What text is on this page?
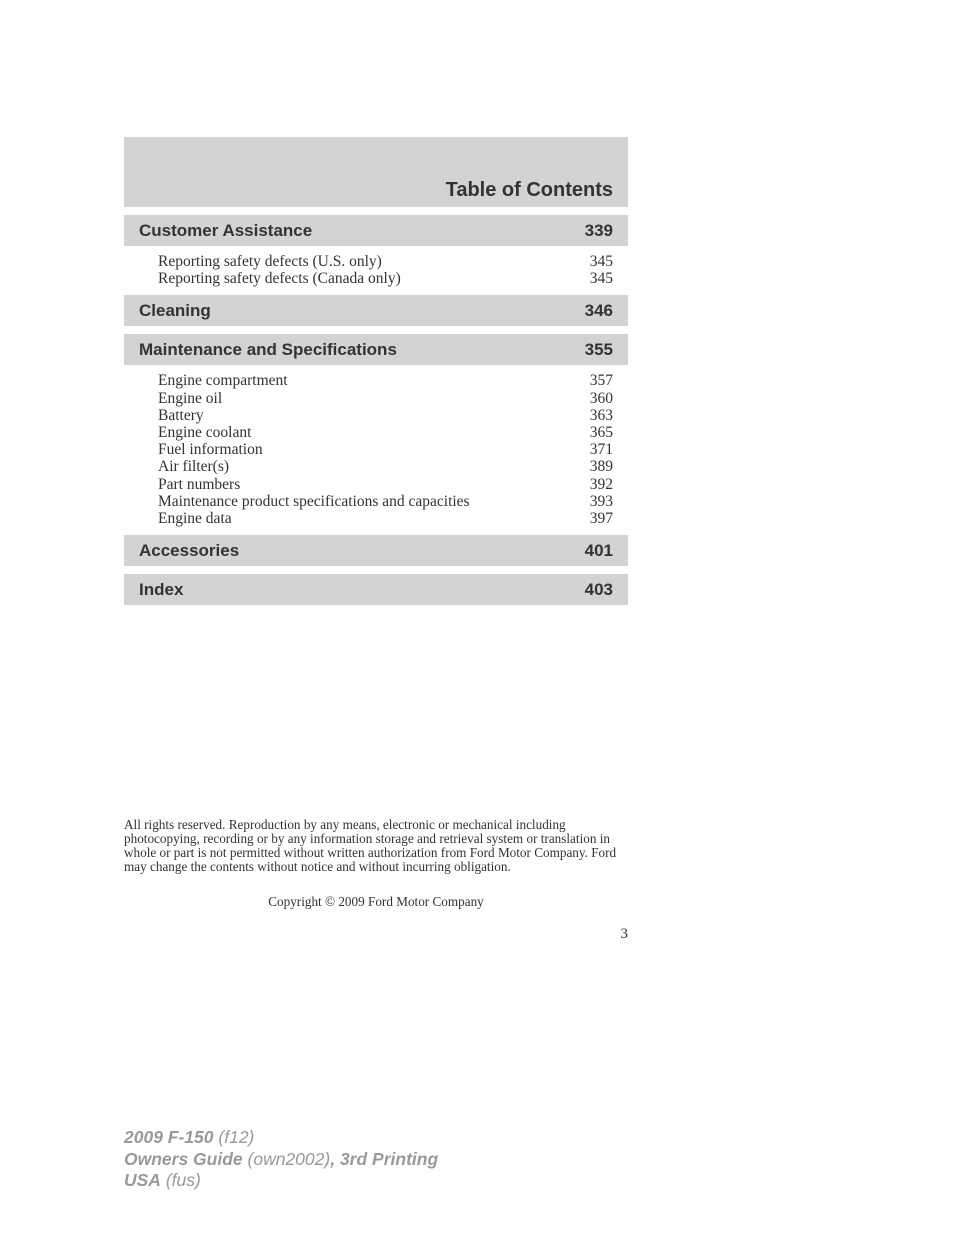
Table of Contents
Customer Assistance	339
Reporting safety defects (U.S. only)	345
Reporting safety defects (Canada only)	345
Cleaning	346
Maintenance and Specifications	355
Engine compartment	357
Engine oil	360
Battery	363
Engine coolant	365
Fuel information	371
Air filter(s)	389
Part numbers	392
Maintenance product specifications and capacities	393
Engine data	397
Accessories	401
Index	403
All rights reserved. Reproduction by any means, electronic or mechanical including photocopying, recording or by any information storage and retrieval system or translation in whole or part is not permitted without written authorization from Ford Motor Company. Ford may change the contents without notice and without incurring obligation.
Copyright © 2009 Ford Motor Company
3
2009 F-150 (f12)
Owners Guide (own2002), 3rd Printing
USA (fus)
